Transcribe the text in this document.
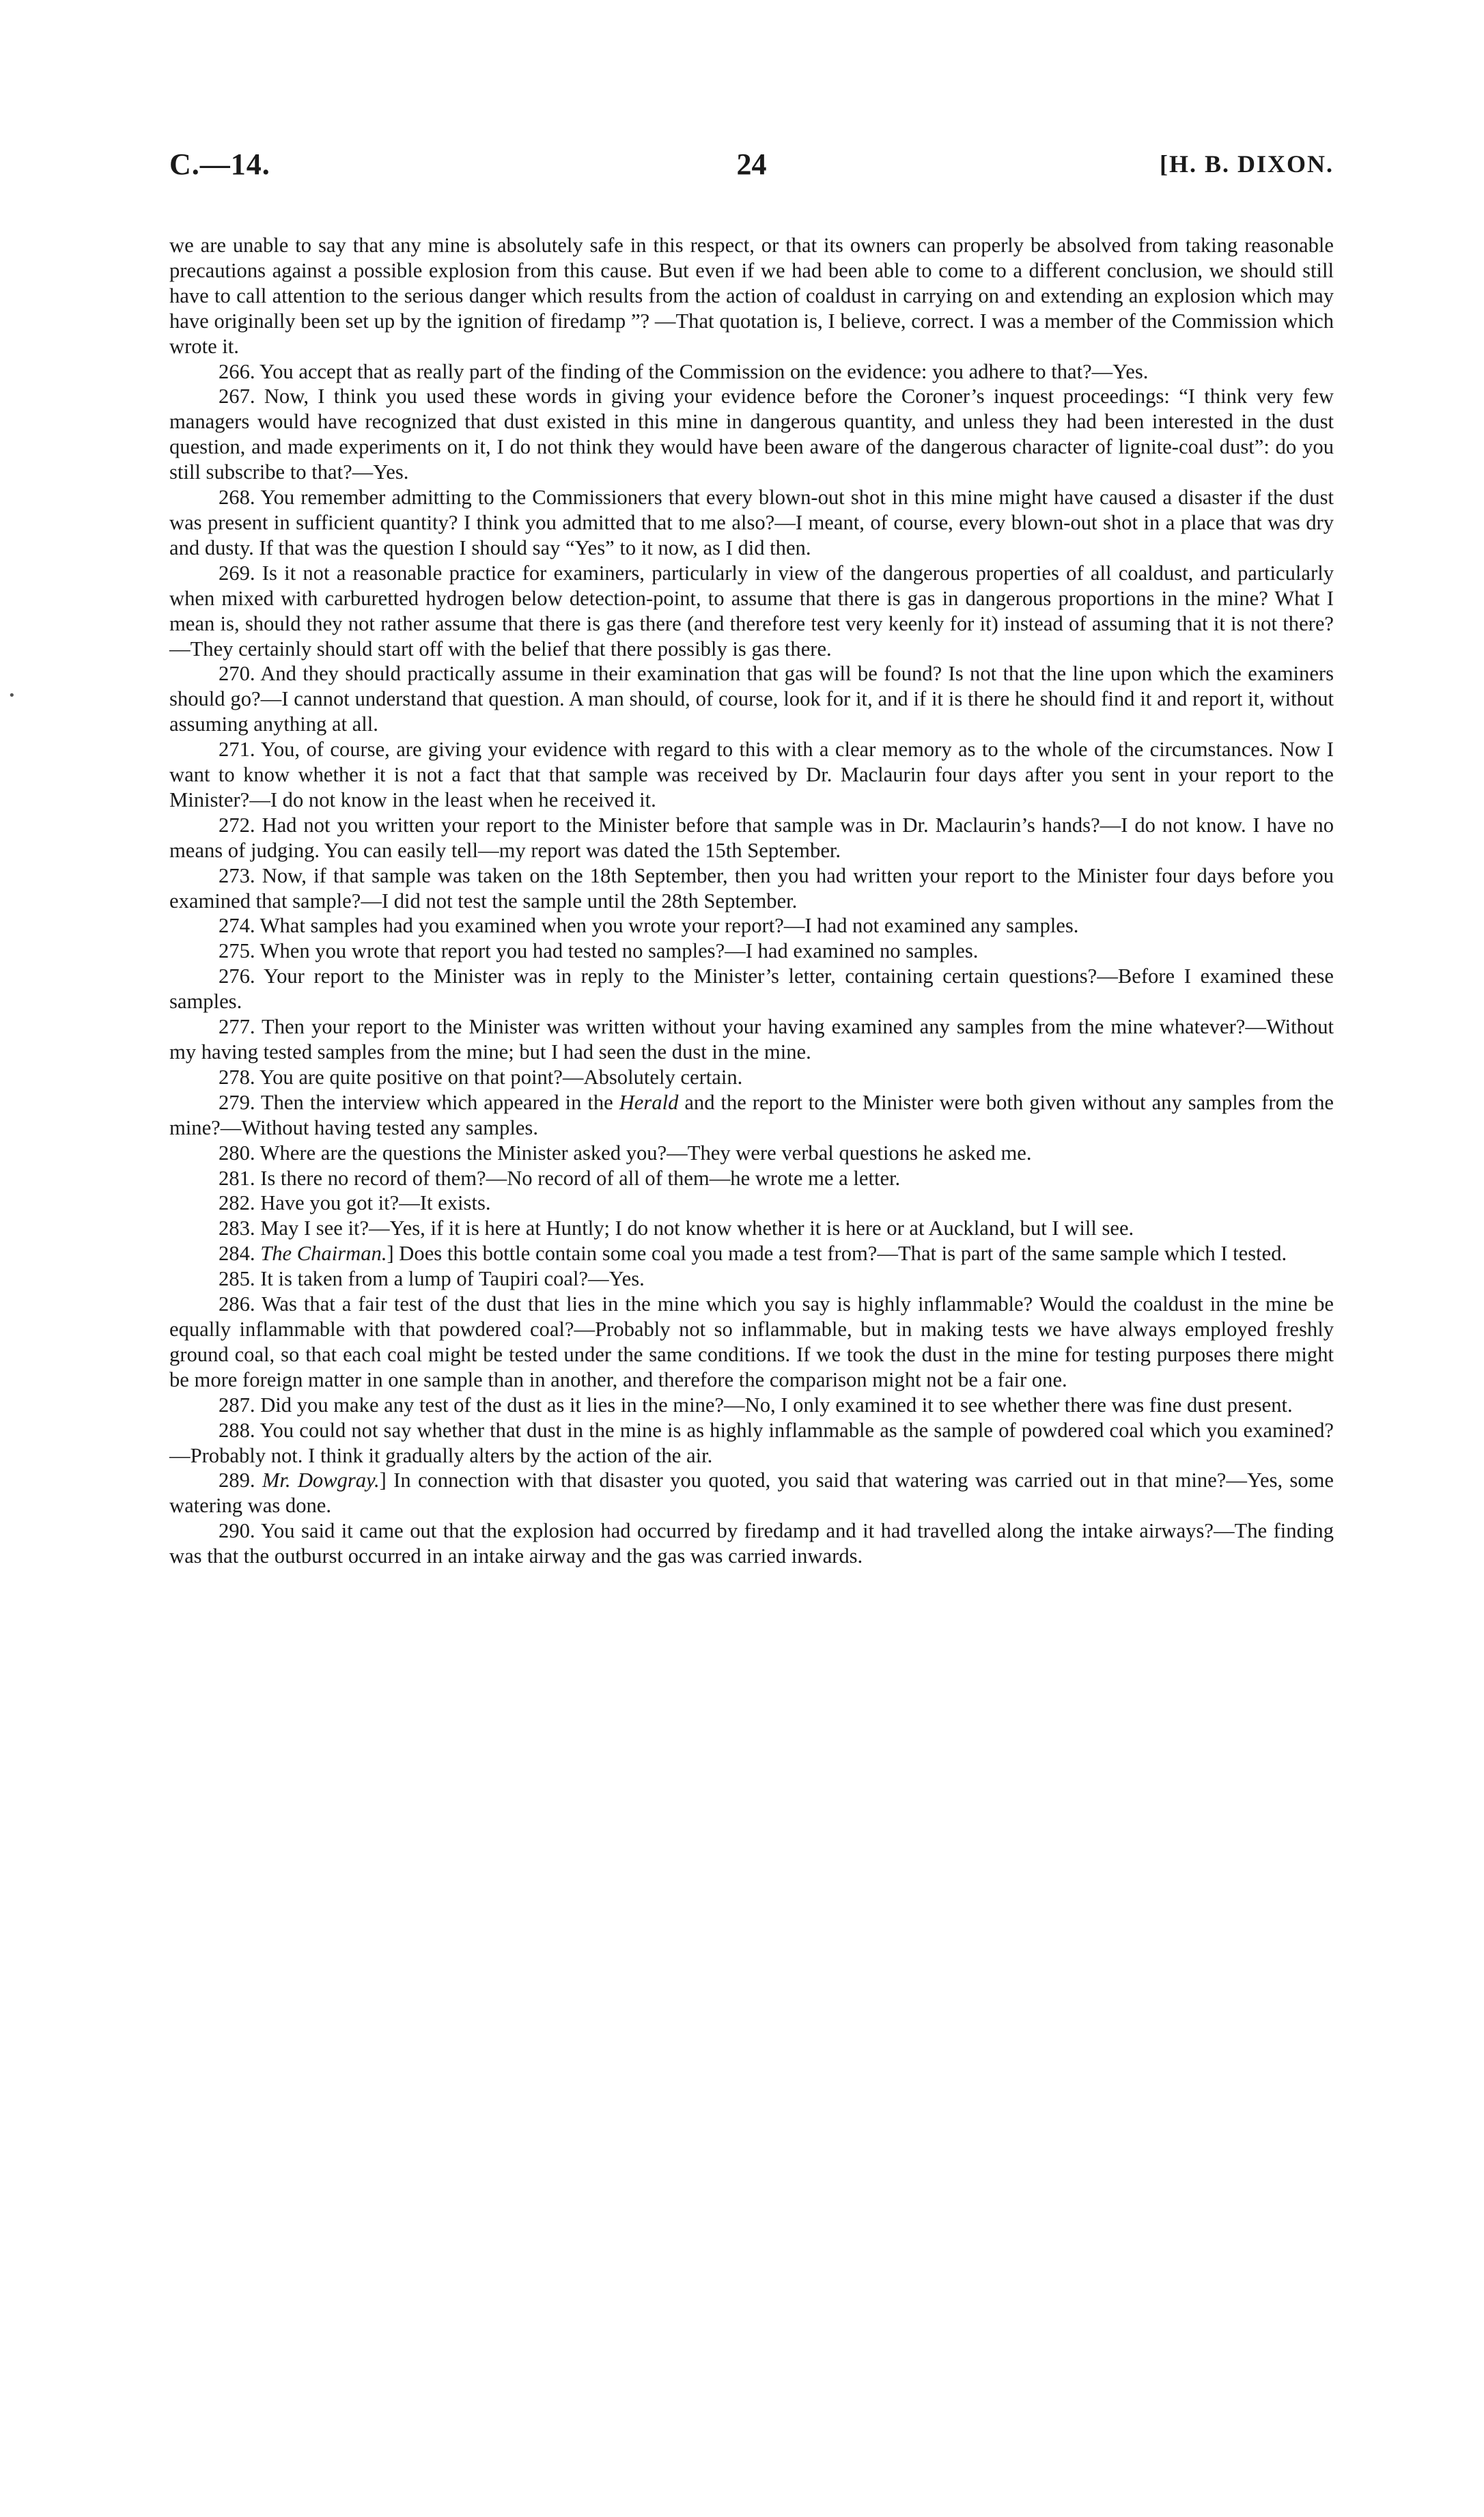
C.—14.	24	[H. B. DIXON.

we are unable to say that any mine is absolutely safe in this respect, or that its owners can properly be absolved from taking reasonable precautions against a possible explosion from this cause. But even if we had been able to come to a different conclusion, we should still have to call attention to the serious danger which results from the action of coaldust in carrying on and extending an explosion which may have originally been set up by the ignition of firedamp ”? —That quotation is, I believe, correct. I was a member of the Commission which wrote it.

266. You accept that as really part of the finding of the Commission on the evidence: you adhere to that?—Yes.

267. Now, I think you used these words in giving your evidence before the Coroner’s inquest proceedings: “I think very few managers would have recognized that dust existed in this mine in dangerous quantity, and unless they had been interested in the dust question, and made experiments on it, I do not think they would have been aware of the dangerous character of lignite-coal dust”: do you still subscribe to that?—Yes.

268. You remember admitting to the Commissioners that every blown-out shot in this mine might have caused a disaster if the dust was present in sufficient quantity? I think you admitted that to me also?—I meant, of course, every blown-out shot in a place that was dry and dusty. If that was the question I should say “Yes” to it now, as I did then.

269. Is it not a reasonable practice for examiners, particularly in view of the dangerous properties of all coaldust, and particularly when mixed with carburetted hydrogen below detection-point, to assume that there is gas in dangerous proportions in the mine? What I mean is, should they not rather assume that there is gas there (and therefore test very keenly for it) instead of assuming that it is not there?—They certainly should start off with the belief that there possibly is gas there.

270. And they should practically assume in their examination that gas will be found? Is not that the line upon which the examiners should go?—I cannot understand that question. A man should, of course, look for it, and if it is there he should find it and report it, without assuming anything at all.

271. You, of course, are giving your evidence with regard to this with a clear memory as to the whole of the circumstances. Now I want to know whether it is not a fact that that sample was received by Dr. Maclaurin four days after you sent in your report to the Minister?—I do not know in the least when he received it.

272. Had not you written your report to the Minister before that sample was in Dr. Maclaurin’s hands?—I do not know. I have no means of judging. You can easily tell—my report was dated the 15th September.

273. Now, if that sample was taken on the 18th September, then you had written your report to the Minister four days before you examined that sample?—I did not test the sample until the 28th September.

274. What samples had you examined when you wrote your report?—I had not examined any samples.

275. When you wrote that report you had tested no samples?—I had examined no samples.

276. Your report to the Minister was in reply to the Minister’s letter, containing certain questions?—Before I examined these samples.

277. Then your report to the Minister was written without your having examined any samples from the mine whatever?—Without my having tested samples from the mine; but I had seen the dust in the mine.

278. You are quite positive on that point?—Absolutely certain.

279. Then the interview which appeared in the Herald and the report to the Minister were both given without any samples from the mine?—Without having tested any samples.

280. Where are the questions the Minister asked you?—They were verbal questions he asked me.

281. Is there no record of them?—No record of all of them—he wrote me a letter.

282. Have you got it?—It exists.

283. May I see it?—Yes, if it is here at Huntly; I do not know whether it is here or at Auckland, but I will see.

284. The Chairman.] Does this bottle contain some coal you made a test from?—That is part of the same sample which I tested.

285. It is taken from a lump of Taupiri coal?—Yes.

286. Was that a fair test of the dust that lies in the mine which you say is highly inflammable? Would the coaldust in the mine be equally inflammable with that powdered coal?—Probably not so inflammable, but in making tests we have always employed freshly ground coal, so that each coal might be tested under the same conditions. If we took the dust in the mine for testing purposes there might be more foreign matter in one sample than in another, and therefore the comparison might not be a fair one.

287. Did you make any test of the dust as it lies in the mine?—No, I only examined it to see whether there was fine dust present.

288. You could not say whether that dust in the mine is as highly inflammable as the sample of powdered coal which you examined?—Probably not. I think it gradually alters by the action of the air.

289. Mr. Dowgray.] In connection with that disaster you quoted, you said that watering was carried out in that mine?—Yes, some watering was done.

290. You said it came out that the explosion had occurred by firedamp and it had travelled along the intake airways?—The finding was that the outburst occurred in an intake airway and the gas was carried inwards.

•
